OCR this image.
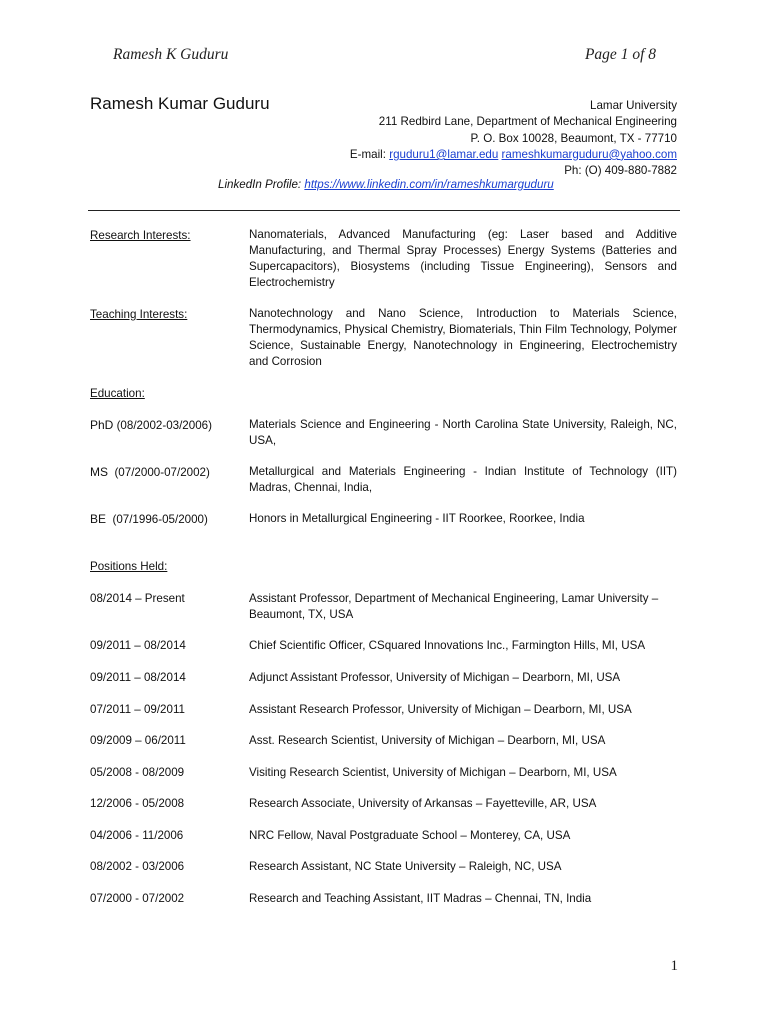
Ramesh K Guduru	Page 1 of 8
Ramesh Kumar Guduru	Lamar University
211 Redbird Lane, Department of Mechanical Engineering
P. O. Box 10028, Beaumont, TX - 77710
E-mail: rguduru1@lamar.edu rameshkumarguduru@yahoo.com
Ph: (O) 409-880-7882
LinkedIn Profile: https://www.linkedin.com/in/rameshkumarguduru
Research Interests:	Nanomaterials, Advanced Manufacturing (eg: Laser based and Additive Manufacturing, and Thermal Spray Processes) Energy Systems (Batteries and Supercapacitors), Biosystems (including Tissue Engineering), Sensors and Electrochemistry
Teaching Interests:	Nanotechnology and Nano Science, Introduction to Materials Science, Thermodynamics, Physical Chemistry, Biomaterials, Thin Film Technology, Polymer Science, Sustainable Energy, Nanotechnology in Engineering, Electrochemistry and Corrosion
Education:
PhD (08/2002-03/2006)	Materials Science and Engineering - North Carolina State University, Raleigh, NC, USA,
MS  (07/2000-07/2002)	Metallurgical and Materials Engineering - Indian Institute of Technology (IIT) Madras, Chennai, India,
BE  (07/1996-05/2000)	Honors in Metallurgical Engineering - IIT Roorkee, Roorkee, India
Positions Held:
08/2014 – Present	Assistant Professor, Department of Mechanical Engineering, Lamar University – Beaumont, TX, USA
09/2011 – 08/2014	Chief Scientific Officer, CSquared Innovations Inc., Farmington Hills, MI, USA
09/2011 – 08/2014	Adjunct Assistant Professor, University of Michigan – Dearborn, MI, USA
07/2011 – 09/2011	Assistant Research Professor, University of Michigan – Dearborn, MI, USA
09/2009 – 06/2011	Asst. Research Scientist, University of Michigan – Dearborn, MI, USA
05/2008 - 08/2009	Visiting Research Scientist, University of Michigan – Dearborn, MI, USA
12/2006 - 05/2008	Research Associate, University of Arkansas – Fayetteville, AR, USA
04/2006 - 11/2006	NRC Fellow, Naval Postgraduate School – Monterey, CA, USA
08/2002 - 03/2006	Research Assistant, NC State University – Raleigh, NC, USA
07/2000 - 07/2002	Research and Teaching Assistant, IIT Madras – Chennai, TN, India
1
